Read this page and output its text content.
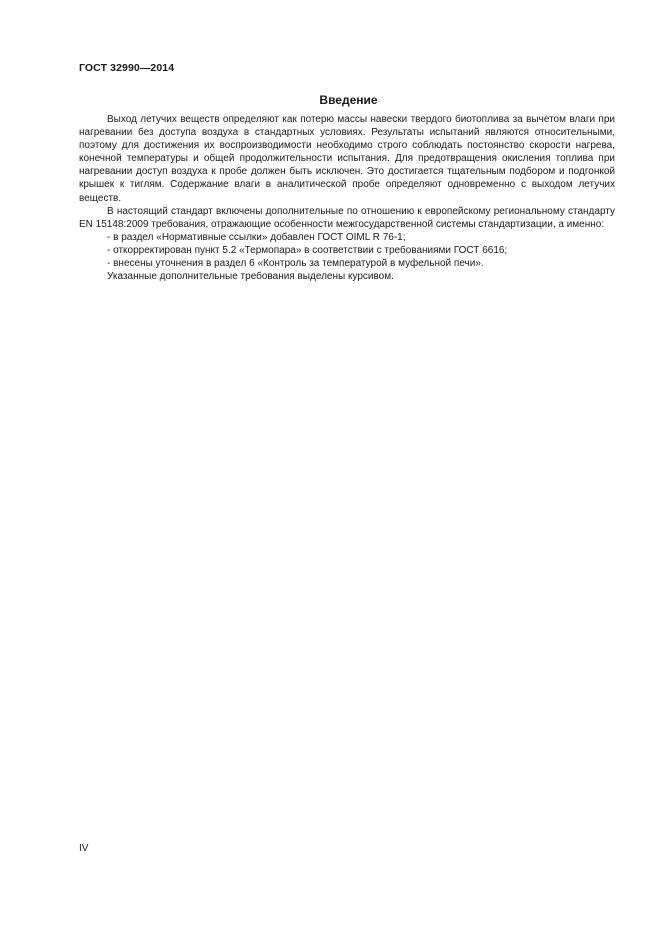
ГОСТ 32990—2014
Введение

Выход летучих веществ определяют как потерю массы навески твердого биотоплива за вычетом влаги при нагревании без доступа воздуха в стандартных условиях. Результаты испытаний являются относительными, поэтому для достижения их воспроизводимости необходимо строго соблюдать постоянство скорости нагрева, конечной температуры и общей продолжительности испытания. Для предотвращения окисления топлива при нагревании доступ воздуха к пробе должен быть исключен. Это достигается тщательным подбором и подгонкой крышек к тиглям. Содержание влаги в аналитической пробе определяют одновременно с выходом летучих веществ.

В настоящий стандарт включены дополнительные по отношению к европейскому региональному стандарту EN 15148:2009 требования, отражающие особенности межгосударственной системы стандартизации, а именно:

- в раздел «Нормативные ссылки» добавлен ГОСТ OIML R 76-1;
- откорректирован пункт 5.2 «Термопара» в соответствии с требованиями ГОСТ 6616;
- внесены уточнения в раздел 6 «Контроль за температурой в муфельной печи».

Указанные дополнительные требования выделены курсивом.

IV
